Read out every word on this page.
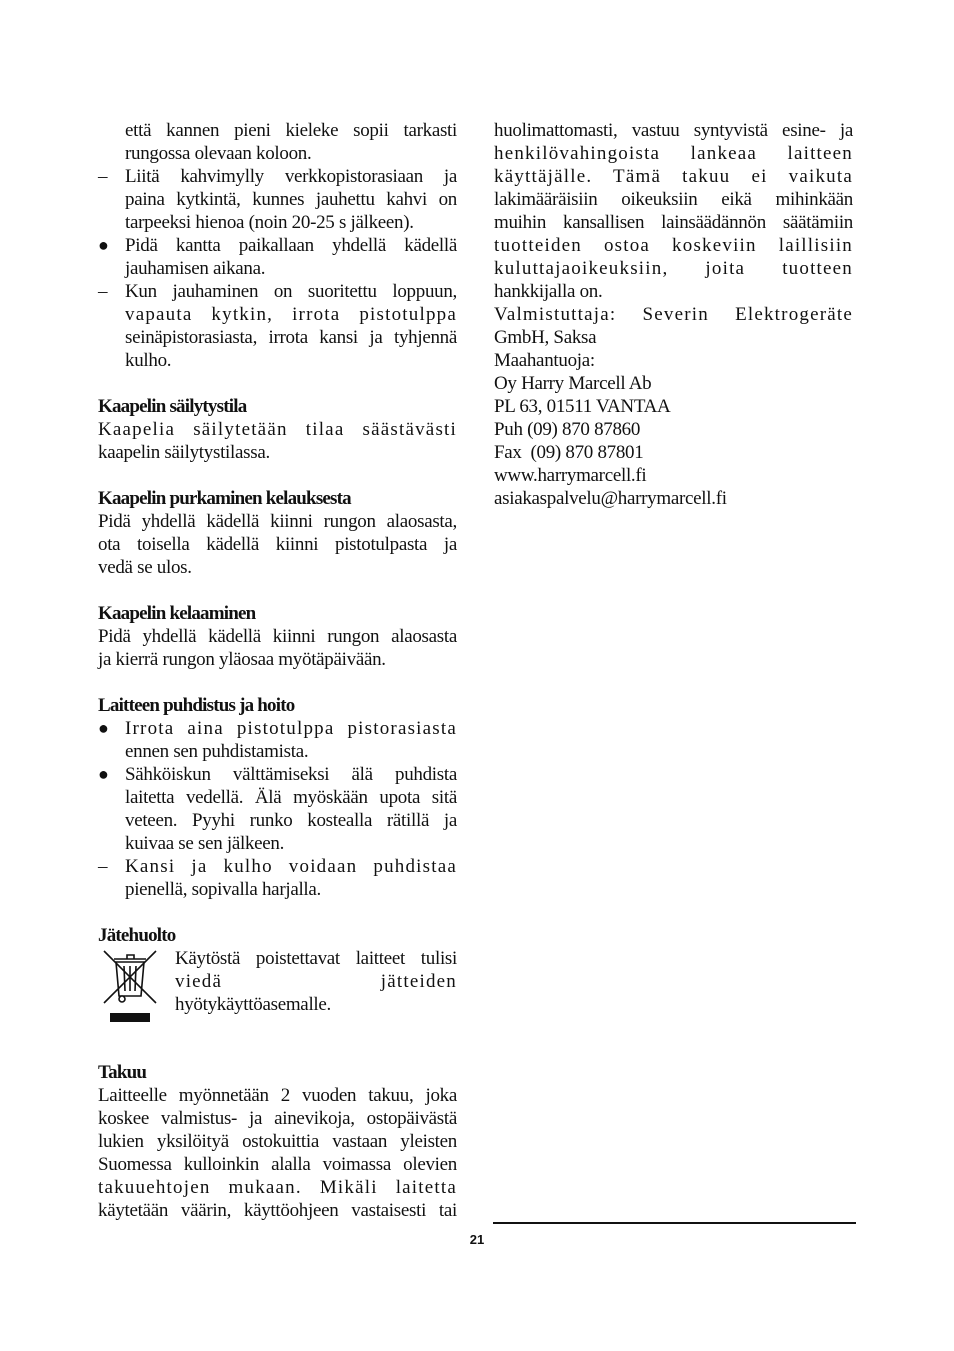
että kannen pieni kieleke sopii tarkasti
rungossa olevaan koloon.
– Liitä kahvimylly verkkopistorasiaan ja
paina kytkintä, kunnes jauhettu kahvi on
tarpeeksi hienoa (noin 20-25 s jälkeen).
● Pidä kantta paikallaan yhdellä kädellä
jauhamisen aikana.
– Kun jauhaminen on suoritettu loppuun,
vapauta kytkin, irrota pistotulppa
seinäpistorasiasta, irrota kansi ja tyhjennä
kulho.
Kaapelin säilytystila
Kaapelia säilytetään tilaa säästävästi
kaapelin säilytystilassa.
Kaapelin purkaminen kelauksesta
Pidä yhdellä kädellä kiinni rungon alaosasta,
ota toisella kädellä kiinni pistotulpasta ja
vedä se ulos.
Kaapelin kelaaminen
Pidä yhdellä kädellä kiinni rungon alaosasta
ja kierrä rungon yläosaa myötäpäivään.
Laitteen puhdistus ja hoito
● Irrota aina pistotulppa pistorasiasta
ennen sen puhdistamista.
● Sähköiskun välttämiseksi älä puhdista
laitetta vedellä. Älä myöskään upota sitä
veteen. Pyyhi runko kostealla rätillä ja
kuivaa se sen jälkeen.
– Kansi ja kulho voidaan puhdistaa
pienellä, sopivalla harjalla.
Jätehuolto
Käytöstä poistettavat laitteet tulisi
viedä jätteiden
hyötykäyttöasemalle.
Takuu
Laitteelle myönnetään 2 vuoden takuu, joka
koskee valmistus- ja ainevikoja, ostopäivästä
lukien yksilöityä ostokuittia vastaan yleisten
Suomessa kulloinkin alalla voimassa olevien
takuuehtojen mukaan. Mikäli laitetta
käytetään väärin, käyttöohjeen vastaisesti tai
huolimattomasti, vastuu syntyvistä esine- ja
henkilövahingoista lankeaa laitteen
käyttäjälle. Tämä takuu ei vaikuta
lakimääräisiin oikeuksiin eikä mihinkään
muihin kansallisen lainsäädännön säätämiin
tuotteiden ostoa koskeviin laillisiin
kuluttajaoikeuksiin, joita tuotteen
hankkijalla on.
Valmistuttaja: Severin Elektrogeräte
GmbH, Saksa
Maahantuoja:
Oy Harry Marcell Ab
PL 63, 01511 VANTAA
Puh (09) 870 87860
Fax  (09) 870 87801
www.harrymarcell.fi
asiakaspalvelu@harrymarcell.fi
21
